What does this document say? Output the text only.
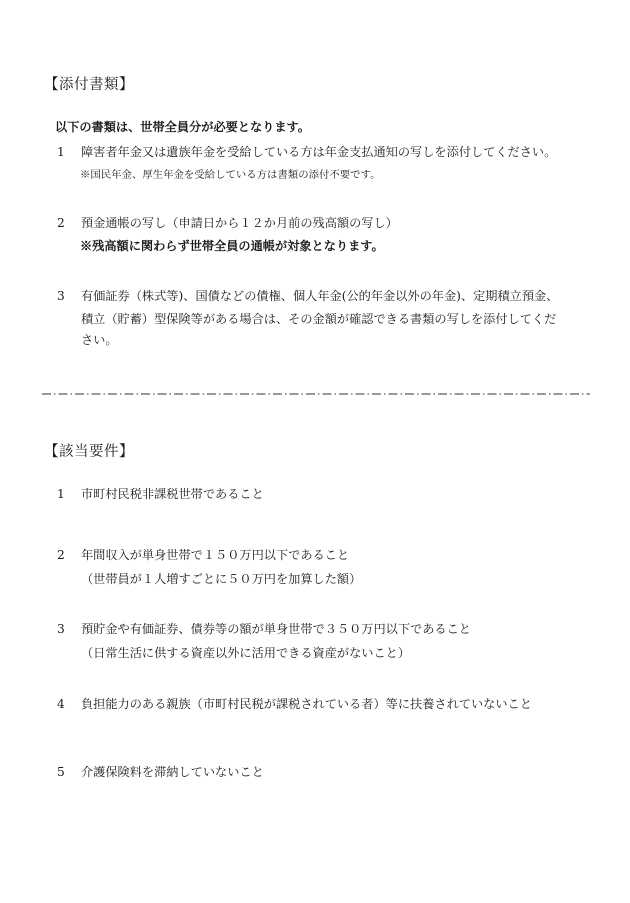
【添付書類】
以下の書類は、世帯全員分が必要となります。
1	障害者年金又は遺族年金を受給している方は年金支払通知の写しを添付してください。
※国民年金、厚生年金を受給している方は書類の添付不要です。
2	預金通帳の写し（申請日から１２か月前の残高額の写し）
※残高額に関わらず世帯全員の通帳が対象となります。
3	有価証券（株式等)、国債などの債権、個人年金(公的年金以外の年金)、定期積立預金、
積立（貯蓄）型保険等がある場合は、その金額が確認できる書類の写しを添付してくだ
さい。
【該当要件】
1	市町村民税非課税世帯であること
2	年間収入が単身世帯で１５０万円以下であること
（世帯員が１人増すごとに５０万円を加算した額）
3	預貯金や有価証券、債券等の額が単身世帯で３５０万円以下であること
（日常生活に供する資産以外に活用できる資産がないこと）
4	負担能力のある親族（市町村民税が課税されている者）等に扶養されていないこと
5	介護保険料を滞納していないこと
